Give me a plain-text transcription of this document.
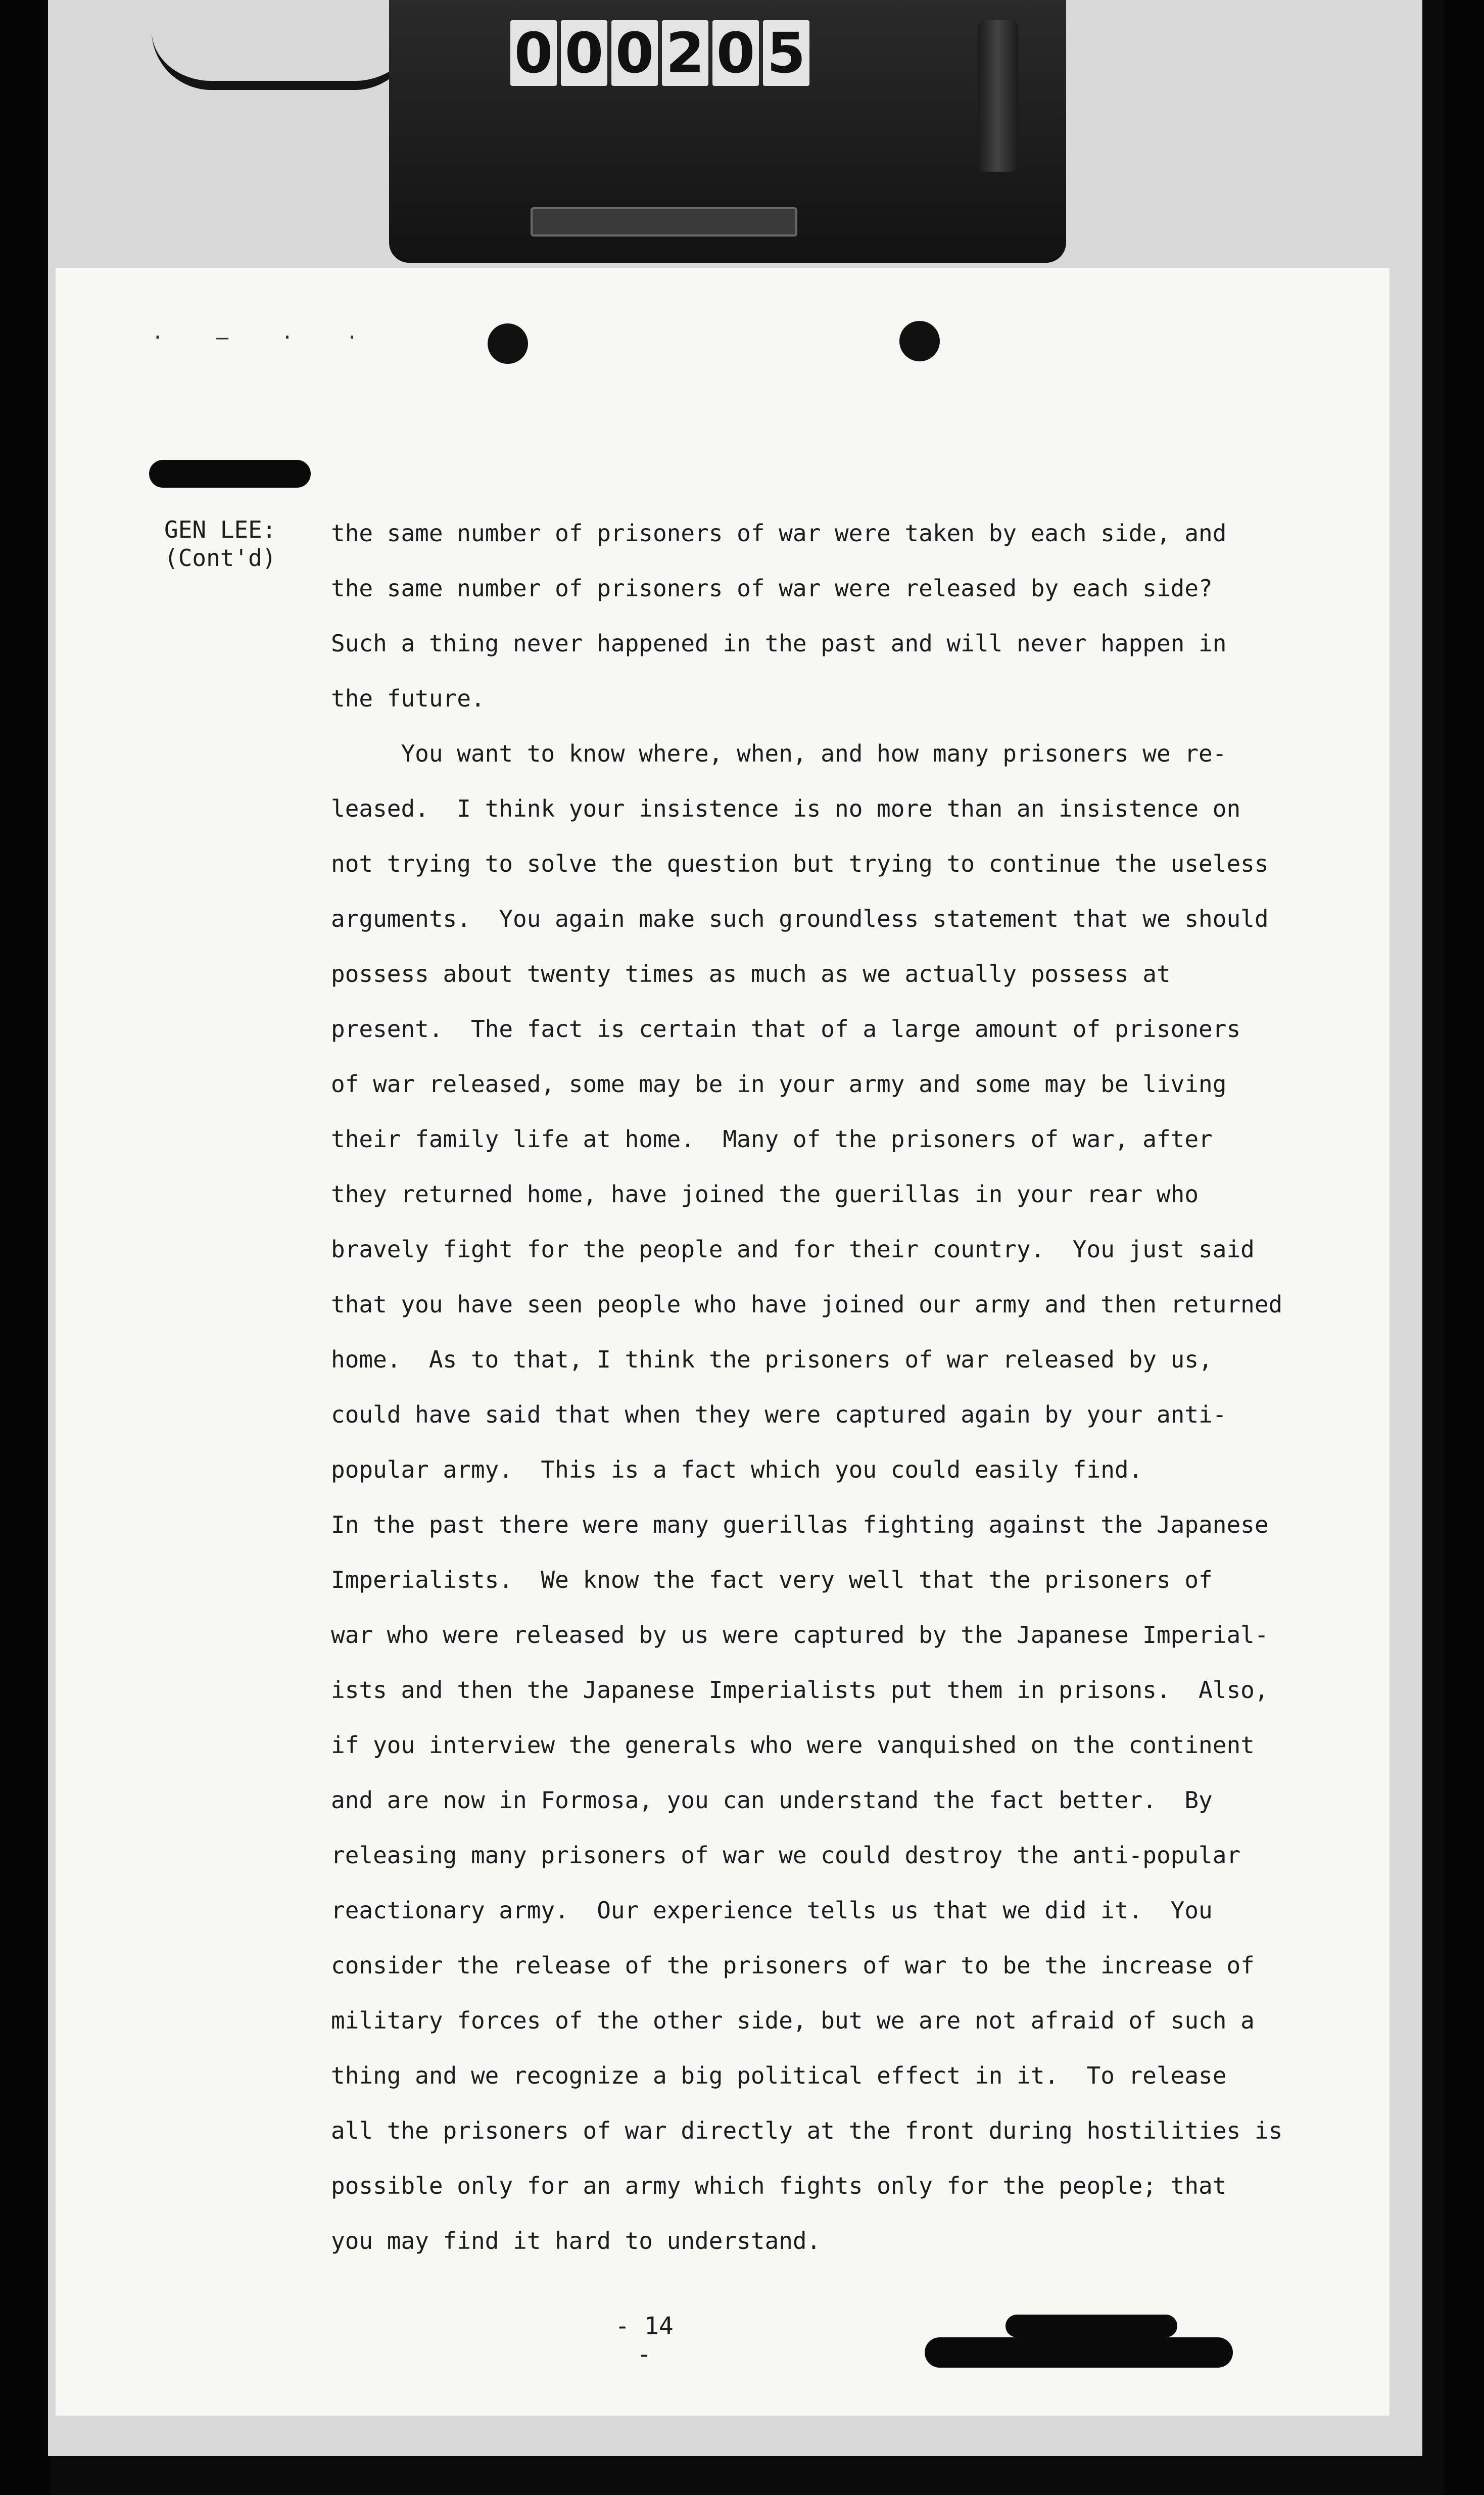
0 0 0 2 0 5
· ‒ · ·

GEN LEE:
(Cont'd)

the same number of prisoners of war were taken by each side, and

the same number of prisoners of war were released by each side?

Such a thing never happened in the past and will never happen in

the future.

You want to know where, when, and how many prisoners we re-

leased.  I think your insistence is no more than an insistence on

not trying to solve the question but trying to continue the useless

arguments.  You again make such groundless statement that we should

possess about twenty times as much as we actually possess at

present.  The fact is certain that of a large amount of prisoners

of war released, some may be in your army and some may be living

their family life at home.  Many of the prisoners of war, after

they returned home, have joined the guerillas in your rear who

bravely fight for the people and for their country.  You just said

that you have seen people who have joined our army and then returned

home.  As to that, I think the prisoners of war released by us,

could have said that when they were captured again by your anti-

popular army.  This is a fact which you could easily find.

In the past there were many guerillas fighting against the Japanese

Imperialists.  We know the fact very well that the prisoners of

war who were released by us were captured by the Japanese Imperial-

ists and then the Japanese Imperialists put them in prisons.  Also,

if you interview the generals who were vanquished on the continent

and are now in Formosa, you can understand the fact better.  By

releasing many prisoners of war we could destroy the anti-popular

reactionary army.  Our experience tells us that we did it.  You

consider the release of the prisoners of war to be the increase of

military forces of the other side, but we are not afraid of such a

thing and we recognize a big political effect in it.  To release

all the prisoners of war directly at the front during hostilities is

possible only for an army which fights only for the people; that

you may find it hard to understand.

- 14 -
